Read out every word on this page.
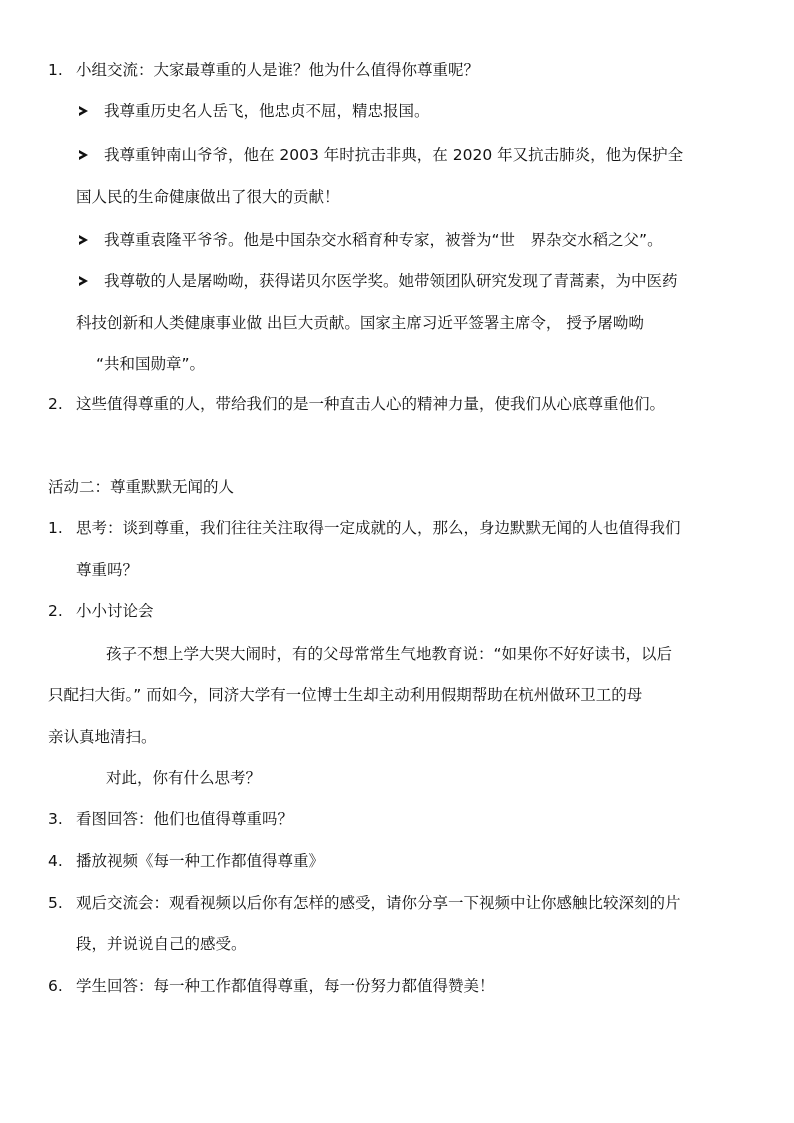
1. 小组交流：大家最尊重的人是谁？他为什么值得你尊重呢？
我尊重历史名人岳飞，他忠贞不屈，精忠报国。
我尊重钟南山爷爷，他在 2003 年时抗击非典，在 2020 年又抗击肺炎，他为保护全
国人民的生命健康做出了很大的贡献！
我尊重袁隆平爷爷。他是中国杂交水稻育种专家，被誉为“世　界杂交水稻之父”。
我尊敬的人是屠呦呦，获得诺贝尔医学奖。她带领团队研究发现了青蒿素，为中医药
科技创新和人类健康事业做 出巨大贡献。国家主席习近平签署主席令， 授予屠呦呦
“共和国勋章”。
2. 这些值得尊重的人，带给我们的是一种直击人心的精神力量，使我们从心底尊重他们。
活动二：尊重默默无闻的人
1. 思考：谈到尊重，我们往往关注取得一定成就的人，那么，身边默默无闻的人也值得我们
尊重吗？
2. 小小讨论会
孩子不想上学大哭大闹时，有的父母常常生气地教育说：“如果你不好好读书，以后
只配扫大街。” 而如今，同济大学有一位博士生却主动利用假期帮助在杭州做环卫工的母
亲认真地清扫。
对此，你有什么思考？
3. 看图回答：他们也值得尊重吗？
4. 播放视频《每一种工作都值得尊重》
5. 观后交流会：观看视频以后你有怎样的感受，请你分享一下视频中让你感触比较深刻的片
段，并说说自己的感受。
6. 学生回答：每一种工作都值得尊重，每一份努力都值得赞美！
